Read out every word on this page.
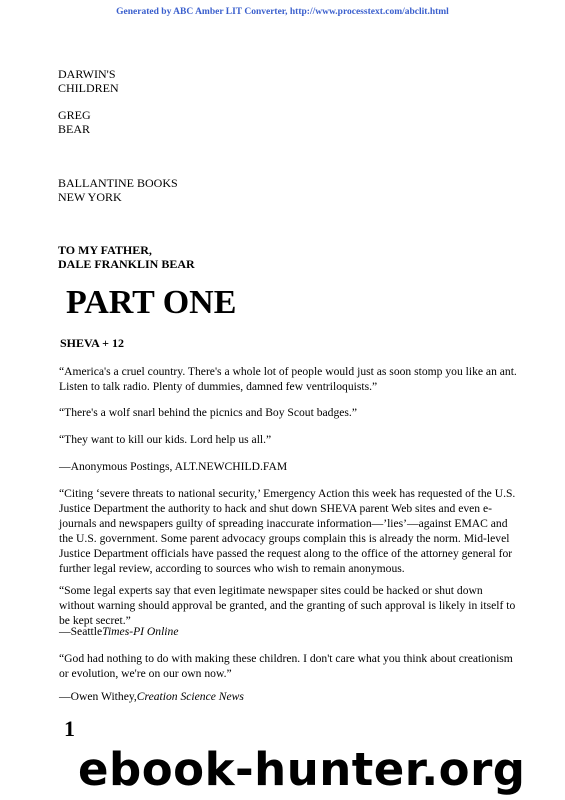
Generated by ABC Amber LIT Converter, http://www.processtext.com/abclit.html
DARWIN'S
CHILDREN
GREG
BEAR
BALLANTINE BOOKS
NEW YORK
TO MY FATHER,
DALE FRANKLIN BEAR
PART ONE
SHEVA + 12

“America's a cruel country. There's a whole lot of people would just as soon stomp you like an ant. Listen to talk radio. Plenty of dummies, damned few ventriloquists.”

“There's a wolf snarl behind the picnics and Boy Scout badges.”

“They want to kill our kids. Lord help us all.”

—Anonymous Postings, ALT.NEWCHILD.FAM

“Citing ‘severe threats to national security,’ Emergency Action this week has requested of the U.S. Justice Department the authority to hack and shut down SHEVA parent Web sites and even e-journals and newspapers guilty of spreading inaccurate information—’lies’—against EMAC and the U.S. government. Some parent advocacy groups complain this is already the norm. Mid-level Justice Department officials have passed the request along to the office of the attorney general for further legal review, according to sources who wish to remain anonymous.

“Some legal experts say that even legitimate newspaper sites could be hacked or shut down without warning should approval be granted, and the granting of such approval is likely in itself to be kept secret.”

—SeattleTimes-PI Online

“God had nothing to do with making these children. I don't care what you think about creationism or evolution, we're on our own now.”

—Owen Withey,Creation Science News

1
ebook-hunter.org
